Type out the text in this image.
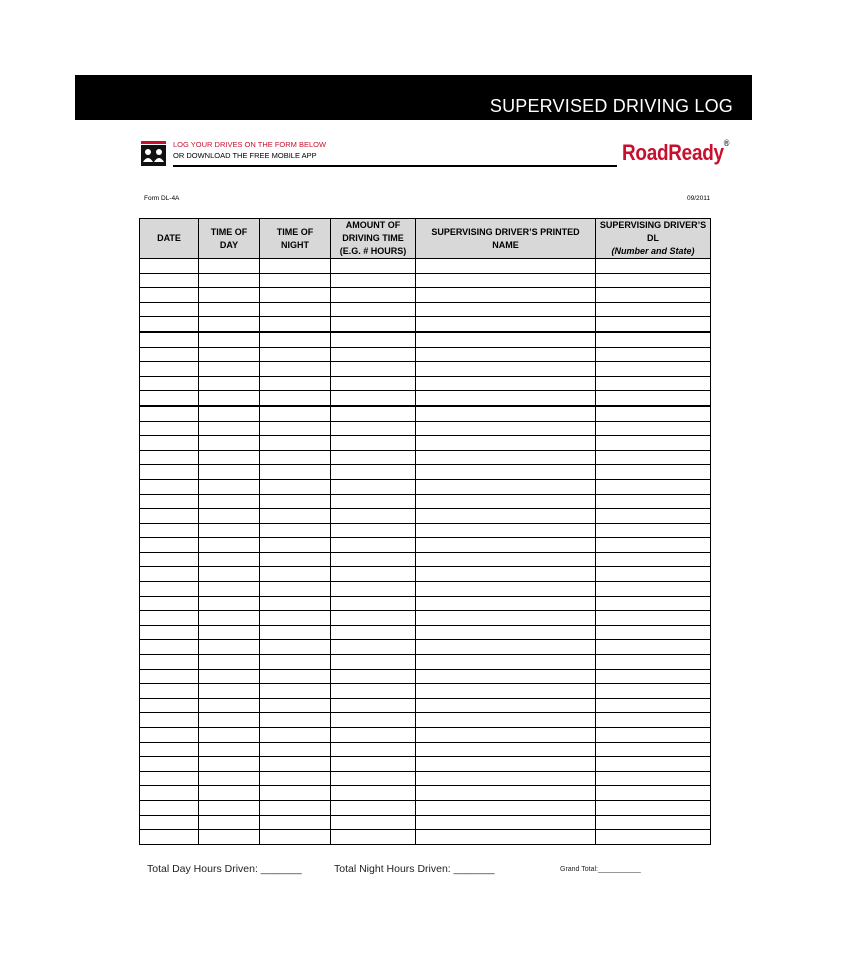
SUPERVISED DRIVING LOG
LOG YOUR DRIVES ON THE FORM BELOW
OR DOWNLOAD THE FREE MOBILE APP	RoadReady®
Form DL-4A	09/2011
DATE	TIME OF DAY	TIME OF NIGHT	AMOUNT OF DRIVING TIME (E.G. # HOURS)	SUPERVISING DRIVER’S PRINTED NAME	SUPERVISING DRIVER’S DL
(Number and State)

Total Day Hours Driven: _______	Total Night Hours Driven: _______	Grand Total:___________
